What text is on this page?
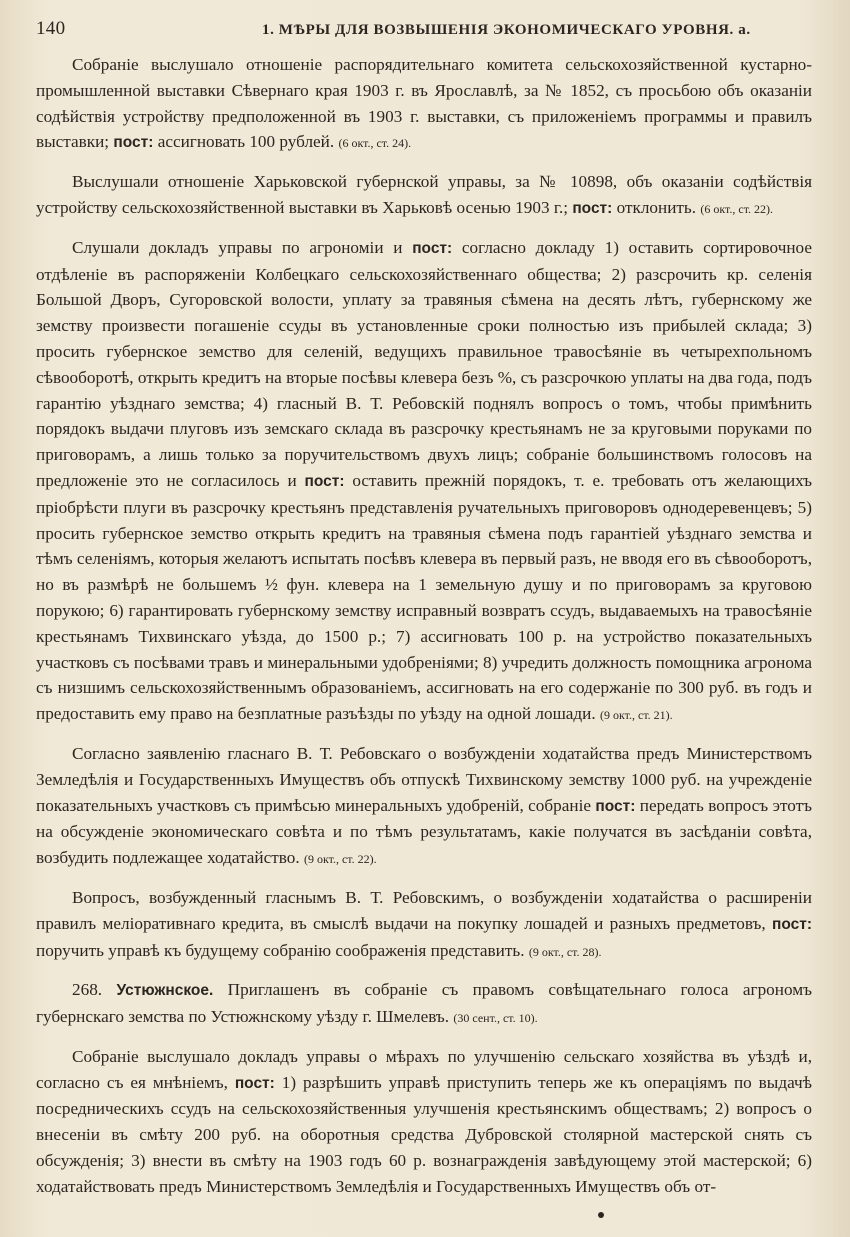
140	1. МѢРЫ ДЛЯ ВОЗВЫШЕНІЯ ЭКОНОМИЧЕСКАГО УРОВНЯ. а.

Собраніе выслушало отношеніе распорядительнаго комитета сельскохозяйственной кустарно-промышленной выставки Сѣвернаго края 1903 г. въ Ярославлѣ, за № 1852, съ просьбою объ оказаніи содѣйствія устройству предположенной въ 1903 г. выставки, съ приложеніемъ программы и правилъ выставки; пост: ассигновать 100 рублей. (6 окт., ст. 24).

Выслушали отношеніе Харьковской губернской управы, за № 10898, объ оказаніи содѣйствія устройству сельскохозяйственной выставки въ Харьковѣ осенью 1903 г.; пост: отклонить. (6 окт., ст. 22).

Слушали докладъ управы по агрономіи и пост: согласно докладу 1) оставить сортировочное отдѣленіе въ распоряженіи Колбецкаго сельскохозяйственнаго общества; 2) разсрочить кр. селенія Большой Дворъ, Сугоровской волости, уплату за травяныя сѣмена на десять лѣтъ, губернскому же земству произвести погашеніе ссуды въ установленные сроки полностью изъ прибылей склада; 3) просить губернское земство для селеній, ведущихъ правильное травосѣяніе въ четырехпольномъ сѣвооборотѣ, открыть кредитъ на вторые посѣвы клевера безъ %, съ разсрочкою уплаты на два года, подъ гарантію уѣзднаго земства; 4) гласный В. Т. Ребовскій поднялъ вопросъ о томъ, чтобы примѣнить порядокъ выдачи плуговъ изъ земскаго склада въ разсрочку крестьянамъ не за круговыми поруками по приговорамъ, а лишь только за поручительствомъ двухъ лицъ; собраніе большинствомъ голосовъ на предложеніе это не согласилось и пост: оставить прежній порядокъ, т. е. требовать отъ желающихъ пріобрѣсти плуги въ разсрочку крестьянъ представленія ручательныхъ приговоровъ однодеревенцевъ; 5) просить губернское земство открыть кредитъ на травяныя сѣмена подъ гарантіей уѣзднаго земства и тѣмъ селеніямъ, которыя желаютъ испытать посѣвъ клевера въ первый разъ, не вводя его въ сѣвооборотъ, но въ размѣрѣ не большемъ ½ фун. клевера на 1 земельную душу и по приговорамъ за круговою порукою; 6) гарантировать губернскому земству исправный возвратъ ссудъ, выдаваемыхъ на травосѣяніе крестьянамъ Тихвинскаго уѣзда, до 1500 р.; 7) ассигновать 100 р. на устройство показательныхъ участковъ съ посѣвами травъ и минеральными удобреніями; 8) учредить должность помощника агронома съ низшимъ сельскохозяйственнымъ образованіемъ, ассигновать на его содержаніе по 300 руб. въ годъ и предоставить ему право на безплатные разъѣзды по уѣзду на одной лошади. (9 окт., ст. 21).

Согласно заявленію гласнаго В. Т. Ребовскаго о возбужденіи ходатайства предъ Министерствомъ Земледѣлія и Государственныхъ Имуществъ объ отпускѣ Тихвинскому земству 1000 руб. на учрежденіе показательныхъ участковъ съ примѣсью минеральныхъ удобреній, собраніе пост: передать вопросъ этотъ на обсужденіе экономическаго совѣта и по тѣмъ результатамъ, какіе получатся въ засѣданіи совѣта, возбудить подлежащее ходатайство. (9 окт., ст. 22).

Вопросъ, возбужденный гласнымъ В. Т. Ребовскимъ, о возбужденіи ходатайства о расширеніи правилъ меліоративнаго кредита, въ смыслѣ выдачи на покупку лошадей и разныхъ предметовъ, пост: поручить управѣ къ будущему собранію соображенія представить. (9 окт., ст. 28).

268. Устюжнское. Приглашенъ въ собраніе съ правомъ совѣщательнаго голоса агрономъ губернскаго земства по Устюжнскому уѣзду г. Шмелевъ. (30 сент., ст. 10).

Собраніе выслушало докладъ управы о мѣрахъ по улучшенію сельскаго хозяйства въ уѣздѣ и, согласно съ ея мнѣніемъ, пост: 1) разрѣшить управѣ приступить теперь же къ операціямъ по выдачѣ посредническихъ ссудъ на сельскохозяйственныя улучшенія крестьянскимъ обществамъ; 2) вопросъ о внесеніи въ смѣту 200 руб. на оборотныя средства Дубровской столярной мастерской снять съ обсужденія; 3) внести въ смѣту на 1903 годъ 60 р. вознагражденія завѣдующему этой мастерской; 6) ходатайствовать предъ Министерствомъ Земледѣлія и Государственныхъ Имуществъ объ от-
